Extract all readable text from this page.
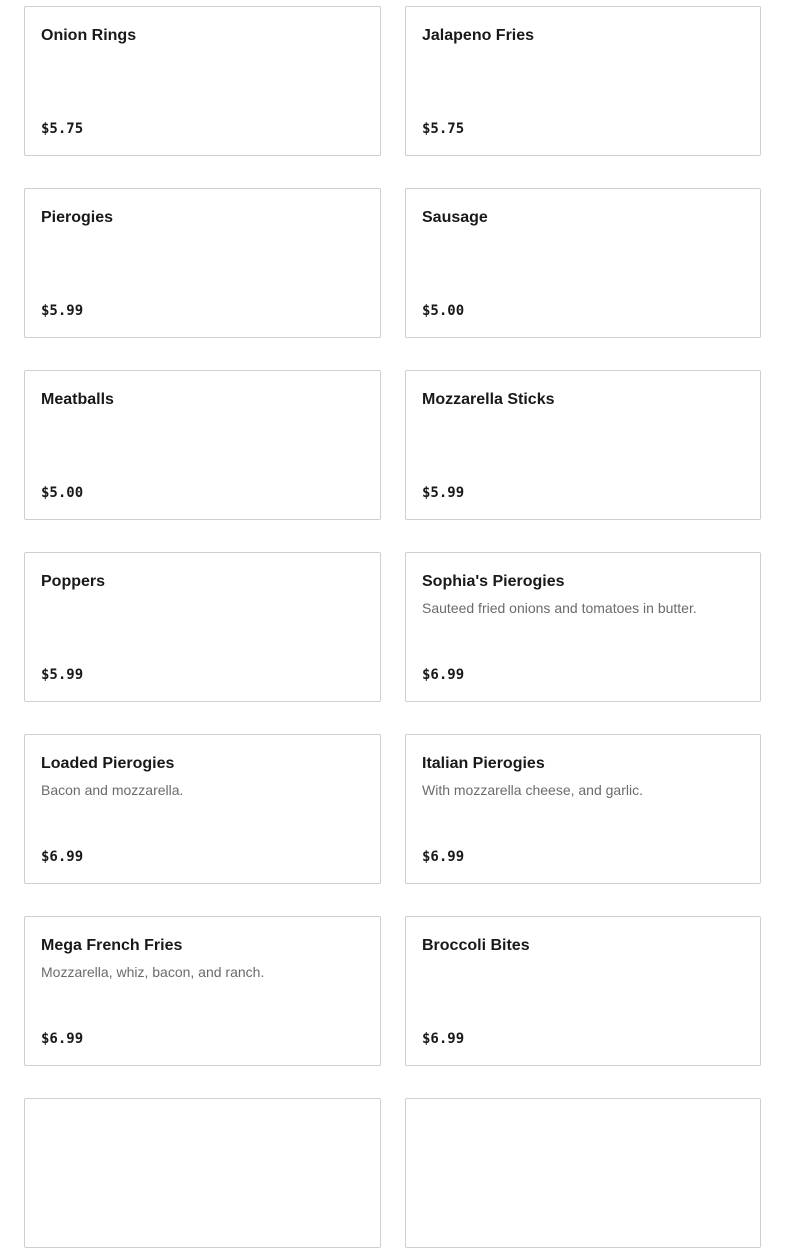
Onion Rings
$5.75
Jalapeno Fries
$5.75
Pierogies
$5.99
Sausage
$5.00
Meatballs
$5.00
Mozzarella Sticks
$5.99
Poppers
$5.99
Sophia's Pierogies
Sauteed fried onions and tomatoes in butter.
$6.99
Loaded Pierogies
Bacon and mozzarella.
$6.99
Italian Pierogies
With mozzarella cheese, and garlic.
$6.99
Mega French Fries
Mozzarella, whiz, bacon, and ranch.
$6.99
Broccoli Bites
$6.99
